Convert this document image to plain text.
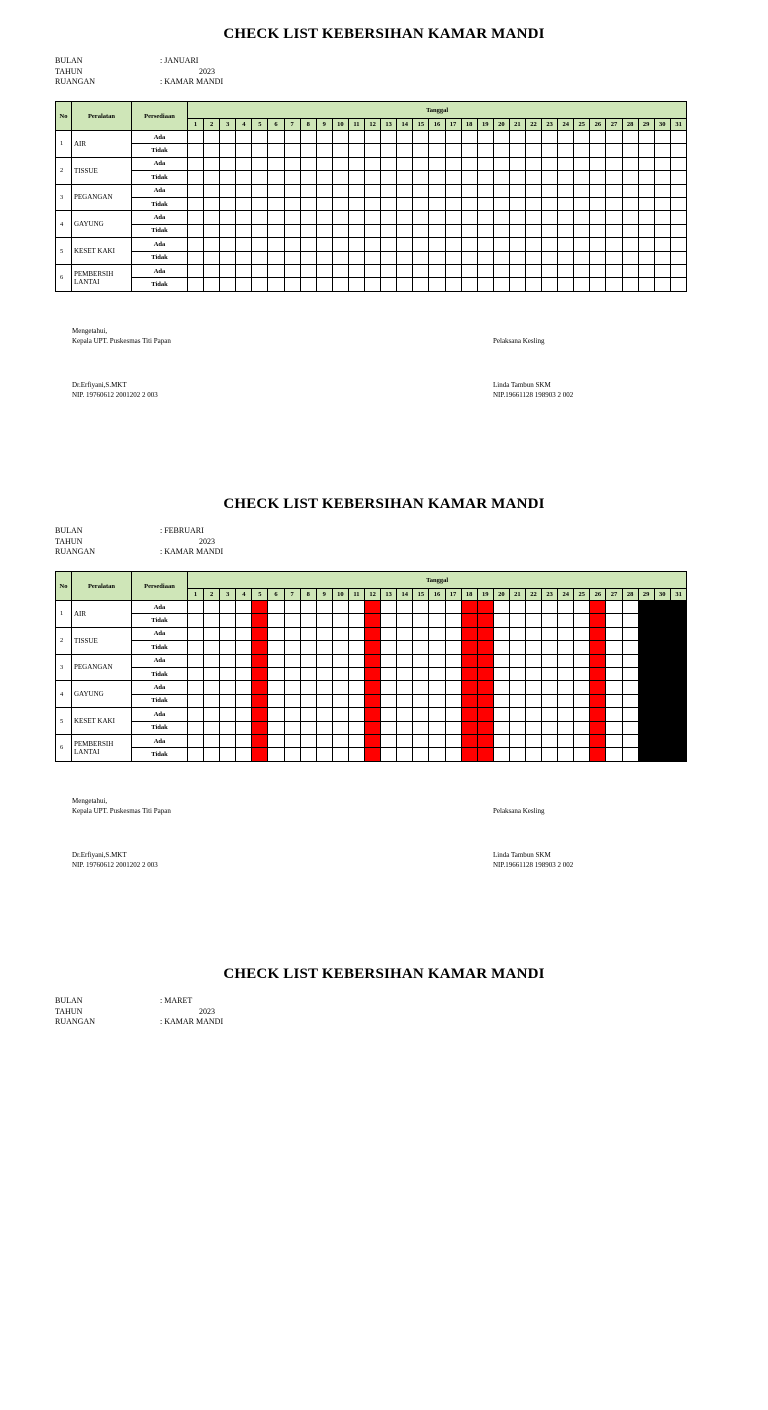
CHECK LIST KEBERSIHAN KAMAR MANDI
BULAN	: JANUARI
TAHUN	2023
RUANGAN	: KAMAR MANDI
No	Peralatan	Persediaan	Tanggal																														
			1	2	3	4	5	6	7	8	9	10	11	12	13	14	15	16	17	18	19	20	21	22	23	24	25	26	27	28	29	30	31
1	AIR	Ada																															
		Tidak																															
2	TISSUE	Ada																															
		Tidak																															
3	PEGANGAN	Ada																															
		Tidak																															
4	GAYUNG	Ada																															
		Tidak																															
5	KESET KAKI	Ada																															
		Tidak																															
6	PEMBERSIH LANTAI	Ada																															
		Tidak																															
Mengetahui,
Kepala UPT. Puskesmas Titi Papan
Dr.Erfiyani,S.MKT
NIP. 19760612 2001202 2 003
Pelaksana Kesling
Linda Tambun SKM
NIP.19661128 198903 2 002
CHECK LIST KEBERSIHAN KAMAR MANDI
BULAN	: FEBRUARI
TAHUN	2023
RUANGAN	: KAMAR MANDI
No	Peralatan	Persediaan	Tanggal																														
			1	2	3	4	5	6	7	8	9	10	11	12	13	14	15	16	17	18	19	20	21	22	23	24	25	26	27	28	29	30	31
1	AIR	Ada																															
		Tidak																															
2	TISSUE	Ada																															
		Tidak																															
3	PEGANGAN	Ada																															
		Tidak																															
4	GAYUNG	Ada																															
		Tidak																															
5	KESET KAKI	Ada																															
		Tidak																															
6	PEMBERSIH LANTAI	Ada																															
		Tidak																															
Mengetahui,
Kepala UPT. Puskesmas Titi Papan
Dr.Erfiyani,S.MKT
NIP. 19760612 2001202 2 003
Pelaksana Kesling
Linda Tambun SKM
NIP.19661128 198903 2 002
CHECK LIST KEBERSIHAN KAMAR MANDI
BULAN	: MARET
TAHUN	2023
RUANGAN	: KAMAR MANDI
